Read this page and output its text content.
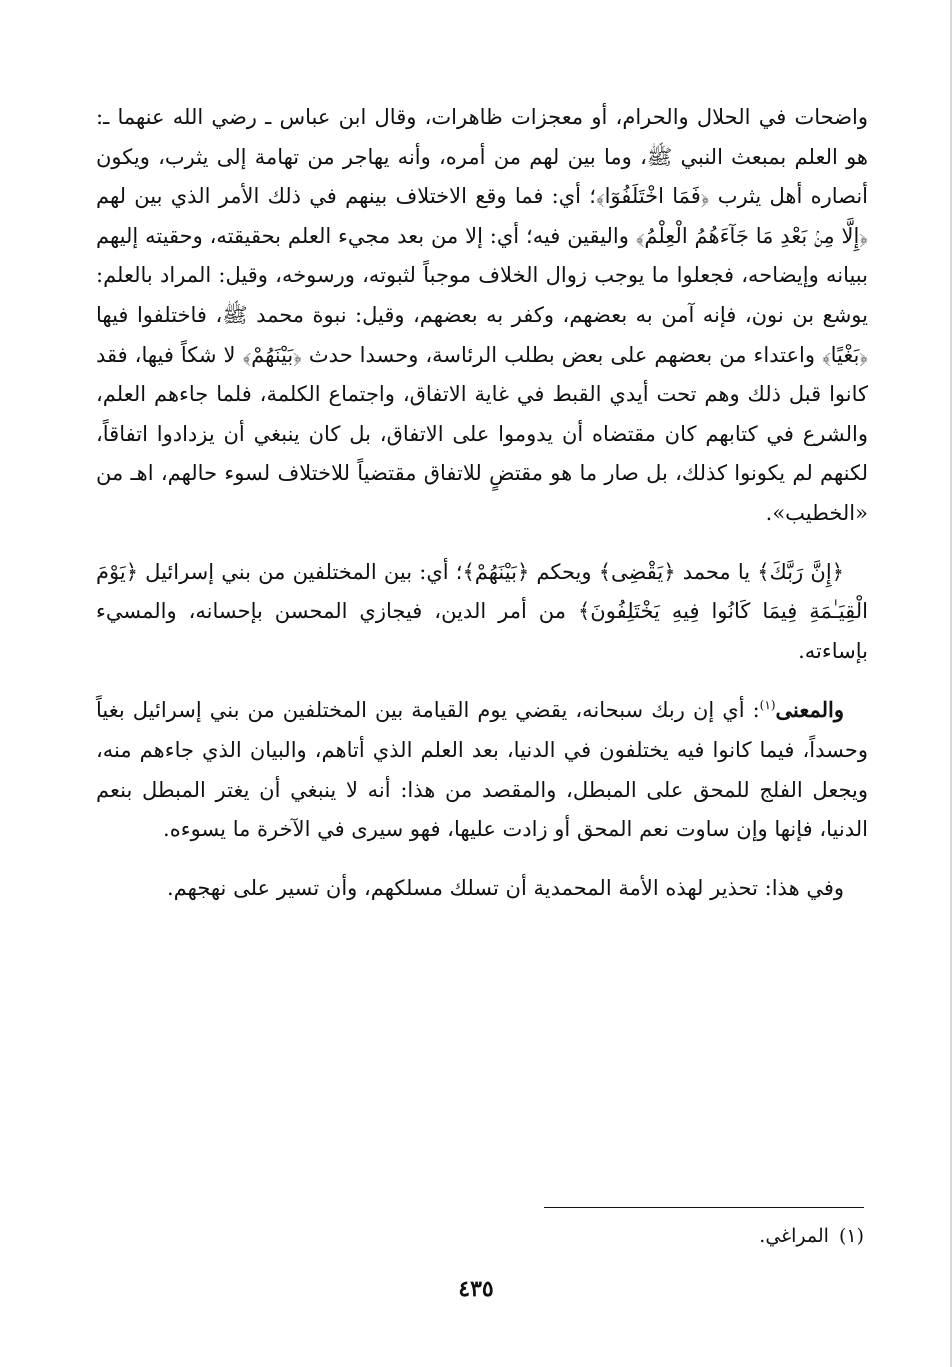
واضحات في الحلال والحرام، أو معجزات ظاهرات، وقال ابن عباس ـ رضي الله عنهما ـ: هو العلم بمبعث النبي ﷺ، وما بين لهم من أمره، وأنه يهاجر من تهامة إلى يثرب، ويكون أنصاره أهل يثرب ﴿فَمَا اخْتَلَفُوٓا﴾؛ أي: فما وقع الاختلاف بينهم في ذلك الأمر الذي بين لهم ﴿إِلَّا مِنۢ بَعْدِ مَا جَآءَهُمُ الْعِلْمُ﴾ واليقين فيه؛ أي: إلا من بعد مجيء العلم بحقيقته، وحقيته إليهم ببيانه وإيضاحه، فجعلوا ما يوجب زوال الخلاف موجباً لثبوته، ورسوخه، وقيل: المراد بالعلم: يوشع بن نون، فإنه آمن به بعضهم، وكفر به بعضهم، وقيل: نبوة محمد ﷺ، فاختلفوا فيها ﴿بَغْيًا﴾ واعتداء من بعضهم على بعض بطلب الرئاسة، وحسدا حدث ﴿بَيْنَهُمْ﴾ لا شكاً فيها، فقد كانوا قبل ذلك وهم تحت أيدي القبط في غاية الاتفاق، واجتماع الكلمة، فلما جاءهم العلم، والشرع في كتابهم كان مقتضاه أن يدوموا على الاتفاق، بل كان ينبغي أن يزدادوا اتفاقاً، لكنهم لم يكونوا كذلك، بل صار ما هو مقتضٍ للاتفاق مقتضياً للاختلاف لسوء حالهم، اهـ من «الخطيب».

﴿إِنَّ رَبَّكَ﴾ يا محمد ﴿يَقْضِى﴾ ويحكم ﴿بَيْنَهُمْ﴾؛ أي: بين المختلفين من بني إسرائيل ﴿يَوْمَ الْقِيَـٰمَةِ فِيمَا كَانُوا فِيهِ يَخْتَلِفُونَ﴾ من أمر الدين، فيجازي المحسن بإحسانه، والمسيء بإساءته.

والمعنى$^{(١)}$: أي إن ربك سبحانه، يقضي يوم القيامة بين المختلفين من بني إسرائيل بغياً وحسداً، فيما كانوا فيه يختلفون في الدنيا، بعد العلم الذي أتاهم، والبيان الذي جاءهم منه، ويجعل الفلج للمحق على المبطل، والمقصد من هذا: أنه لا ينبغي أن يغتر المبطل بنعم الدنيا، فإنها وإن ساوت نعم المحق أو زادت عليها، فهو سيرى في الآخرة ما يسوءه.

وفي هذا: تحذير لهذه الأمة المحمدية أن تسلك مسلكهم، وأن تسير على نهجهم.

(١)المراغي.
٤٣٥
